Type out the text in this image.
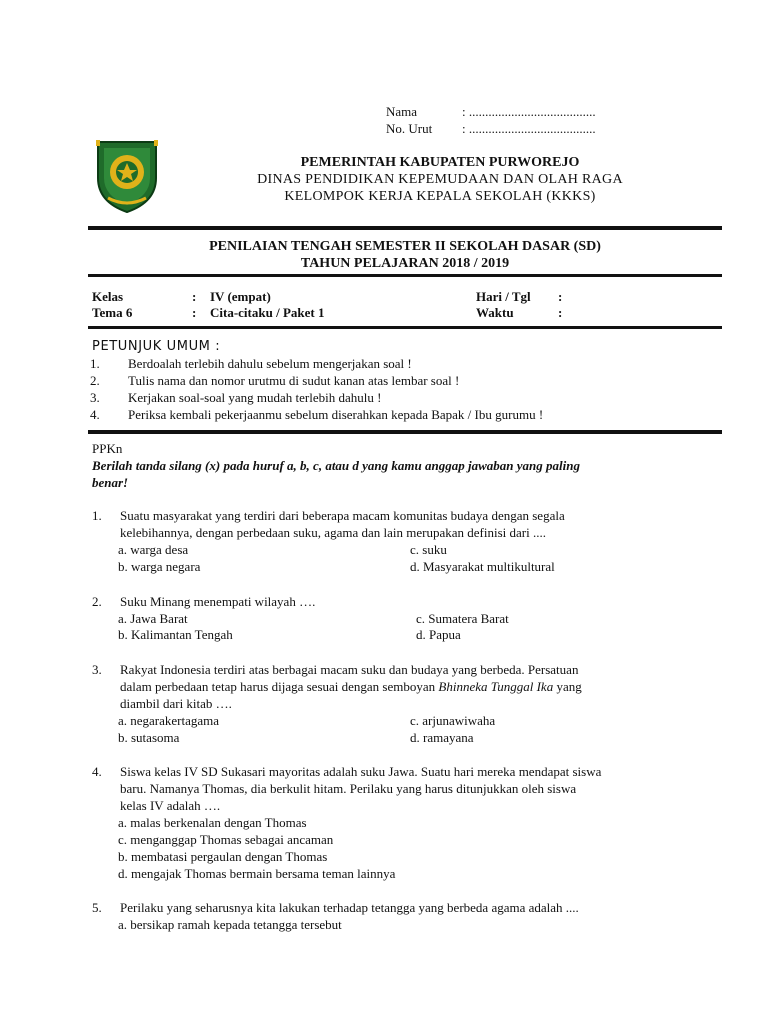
Nama	: .......................................
No. Urut : .......................................
PEMERINTAH KABUPATEN PURWOREJO
DINAS PENDIDIKAN KEPEMUDAAN DAN OLAH RAGA
KELOMPOK KERJA KEPALA SEKOLAH (KKKS)
PENILAIAN TENGAH SEMESTER II SEKOLAH DASAR (SD)
TAHUN PELAJARAN 2018 / 2019
Kelas	: IV (empat)	Hari / Tgl :
Tema 6	: Cita-citaku / Paket 1	Waktu	:
PETUNJUK UMUM :
1. Berdoalah terlebih dahulu sebelum mengerjakan soal !
2. Tulis nama dan nomor urutmu di sudut kanan atas lembar soal !
3. Kerjakan soal-soal yang mudah terlebih dahulu !
4. Periksa kembali pekerjaanmu sebelum diserahkan kepada Bapak / Ibu gurumu !
PPKn
Berilah tanda silang (x) pada huruf a, b, c, atau d yang kamu anggap jawaban yang paling
benar!
1. Suatu masyarakat yang terdiri dari beberapa macam komunitas budaya dengan segala
kelebihannya, dengan perbedaan suku, agama dan lain merupakan definisi dari ....
a. warga desa	c. suku
b. warga negara	d. Masyarakat multikultural
2. Suku Minang menempati wilayah ….
a. Jawa Barat	c. Sumatera Barat
b. Kalimantan Tengah	d. Papua
3. Rakyat Indonesia terdiri atas berbagai macam suku dan budaya yang berbeda. Persatuan
dalam perbedaan tetap harus dijaga sesuai dengan semboyan Bhinneka Tunggal Ika yang
diambil dari kitab ….
a. negarakertagama	c. arjunawiwaha
b. sutasoma	d. ramayana
4. Siswa kelas IV SD Sukasari mayoritas adalah suku Jawa. Suatu hari mereka mendapat siswa
baru. Namanya Thomas, dia berkulit hitam. Perilaku yang harus ditunjukkan oleh siswa
kelas IV adalah ….
a. malas berkenalan dengan Thomas
c. menganggap Thomas sebagai ancaman
b. membatasi pergaulan dengan Thomas
d. mengajak Thomas bermain bersama teman lainnya
5. Perilaku yang seharusnya kita lakukan terhadap tetangga yang berbeda agama adalah ....
a. bersikap ramah kepada tetangga tersebut
